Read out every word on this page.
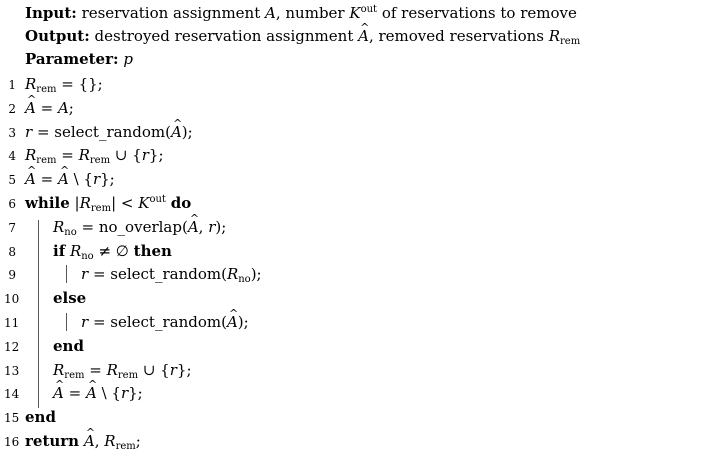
Input: reservation assignment A, number $K^{out}$ of reservations to remove
Output: destroyed reservation assignment ^ A, removed reservations $R_{rem}$
Parameter: p
1 $R_{rem}$ = {};
2 ^ A = A;
3 r = select_random(^ A);
4 $R_{rem} = R_{rem}$ ∪ {r};
5 ^ A = ^ A \ {r};
6 while $|R_{rem}| < K^{out}$ do
7 $R_{no}$ = no_overlap(^ A, r);
8 if $R_{no}$ ≠ ∅ then
9	$r = select\_random(R_{no})$;
10 else
11	r = select_random(^ A);
12 end
13 $R_{rem} = R_{rem}$ ∪ {r};
14 ^ A = ^ A \ {r};
15 end
16 return ^ A, $R_{rem}$;
